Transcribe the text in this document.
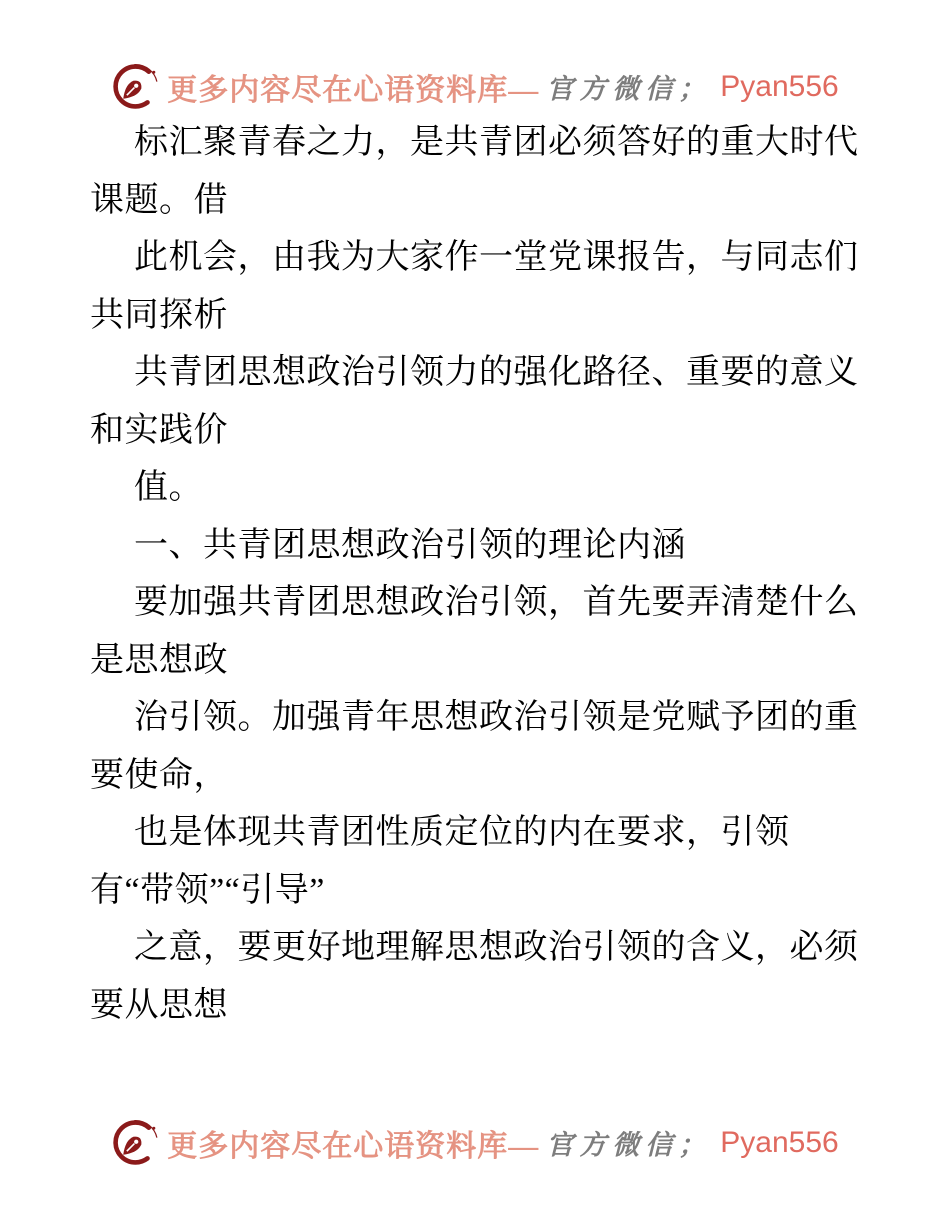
更多内容尽在心语资料库— 官方微信； Pyan556
标汇聚青春之力，是共青团必须答好的重大时代
课题。借
此机会，由我为大家作一堂党课报告，与同志们
共同探析
共青团思想政治引领力的强化路径、重要的意义
和实践价
值。
一、共青团思想政治引领的理论内涵
要加强共青团思想政治引领，首先要弄清楚什么
是思想政
治引领。加强青年思想政治引领是党赋予团的重
要使命，
也是体现共青团性质定位的内在要求，引领
有“带领”“引导”
之意，要更好地理解思想政治引领的含义，必须
要从思想
更多内容尽在心语资料库— 官方微信； Pyan556
